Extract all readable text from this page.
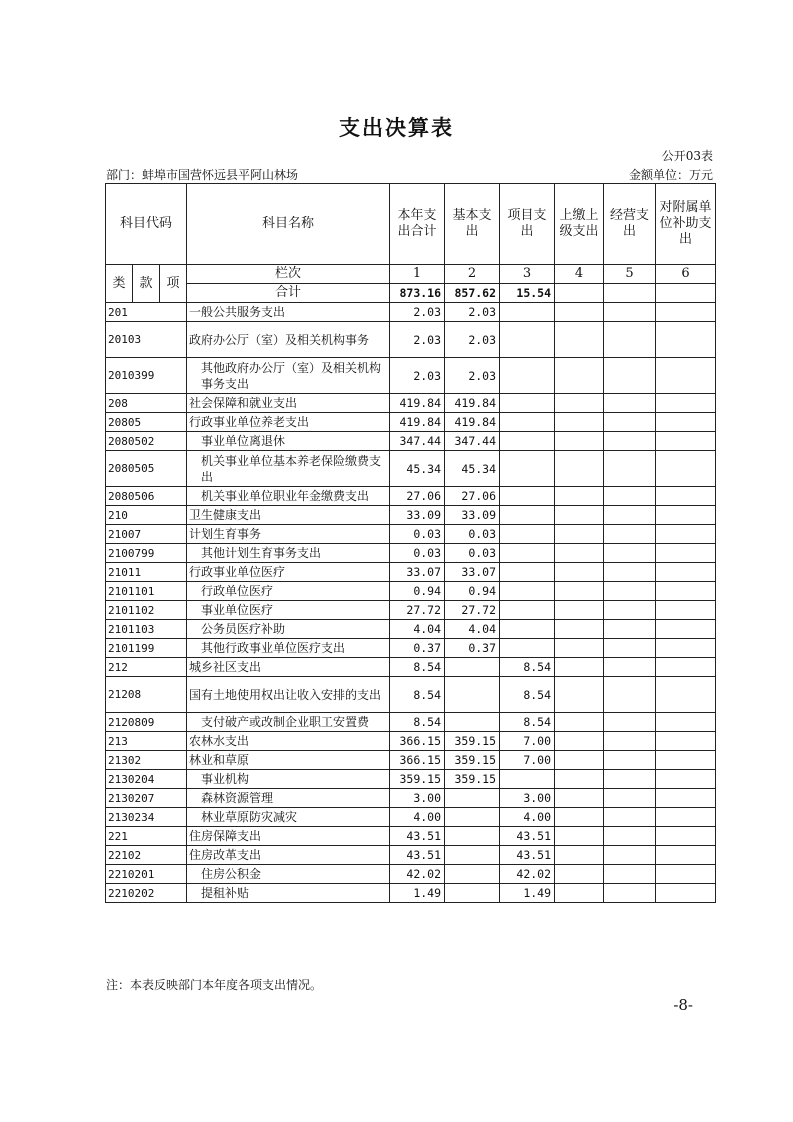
支出决算表
公开03表
部门：蚌埠市国营怀远县平阿山林场	金额单位：万元
科目代码			科目名称	本年支出合计	基本支出	项目支出	上缴上级支出	经营支出	对附属单位补助支出
类	款	项	栏次	1	2	3	4	5	6
			合计	873.16	857.62	15.54			
201			一般公共服务支出	2.03	2.03				
20103			政府办公厅（室）及相关机构事务	2.03	2.03				
2010399			其他政府办公厅（室）及相关机构事务支出	2.03	2.03				
208			社会保障和就业支出	419.84	419.84				
20805			行政事业单位养老支出	419.84	419.84				
2080502			事业单位离退休	347.44	347.44				
2080505			机关事业单位基本养老保险缴费支出	45.34	45.34				
2080506			机关事业单位职业年金缴费支出	27.06	27.06				
210			卫生健康支出	33.09	33.09				
21007			计划生育事务	0.03	0.03				
2100799			其他计划生育事务支出	0.03	0.03				
21011			行政事业单位医疗	33.07	33.07				
2101101			行政单位医疗	0.94	0.94				
2101102			事业单位医疗	27.72	27.72				
2101103			公务员医疗补助	4.04	4.04				
2101199			其他行政事业单位医疗支出	0.37	0.37				
212			城乡社区支出	8.54		8.54			
21208			国有土地使用权出让收入安排的支出	8.54		8.54			
2120809			支付破产或改制企业职工安置费	8.54		8.54			
213			农林水支出	366.15	359.15	7.00			
21302			林业和草原	366.15	359.15	7.00			
2130204			事业机构	359.15	359.15				
2130207			森林资源管理	3.00		3.00			
2130234			林业草原防灾减灾	4.00		4.00			
221			住房保障支出	43.51		43.51			
22102			住房改革支出	43.51		43.51			
2210201			住房公积金	42.02		42.02			
2210202			提租补贴	1.49		1.49			
注：本表反映部门本年度各项支出情况。
-8-
